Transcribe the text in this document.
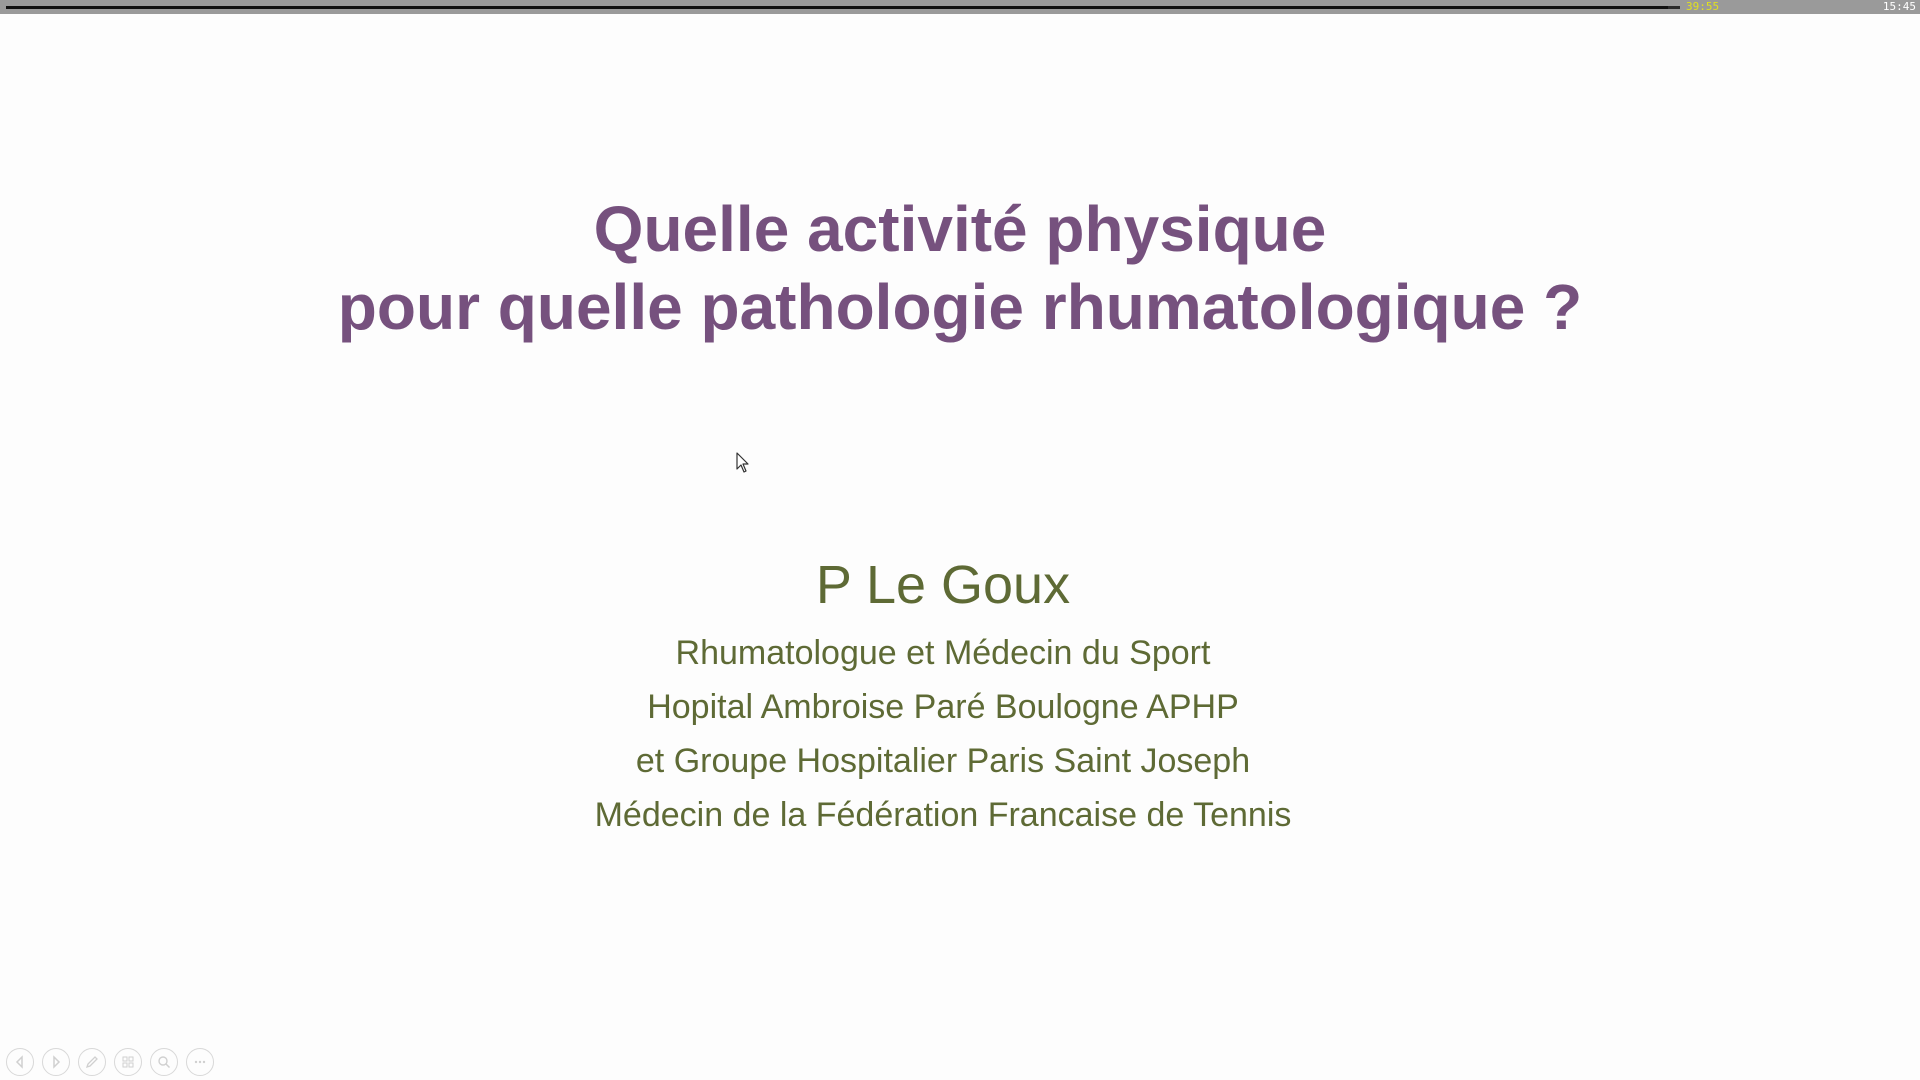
39:55	15:45
Quelle activité physique
pour quelle pathologie rhumatologique ?
P Le Goux
Rhumatologue et Médecin du Sport
Hopital Ambroise Paré Boulogne APHP
et Groupe Hospitalier Paris Saint Joseph
Médecin de la Fédération Francaise de Tennis
